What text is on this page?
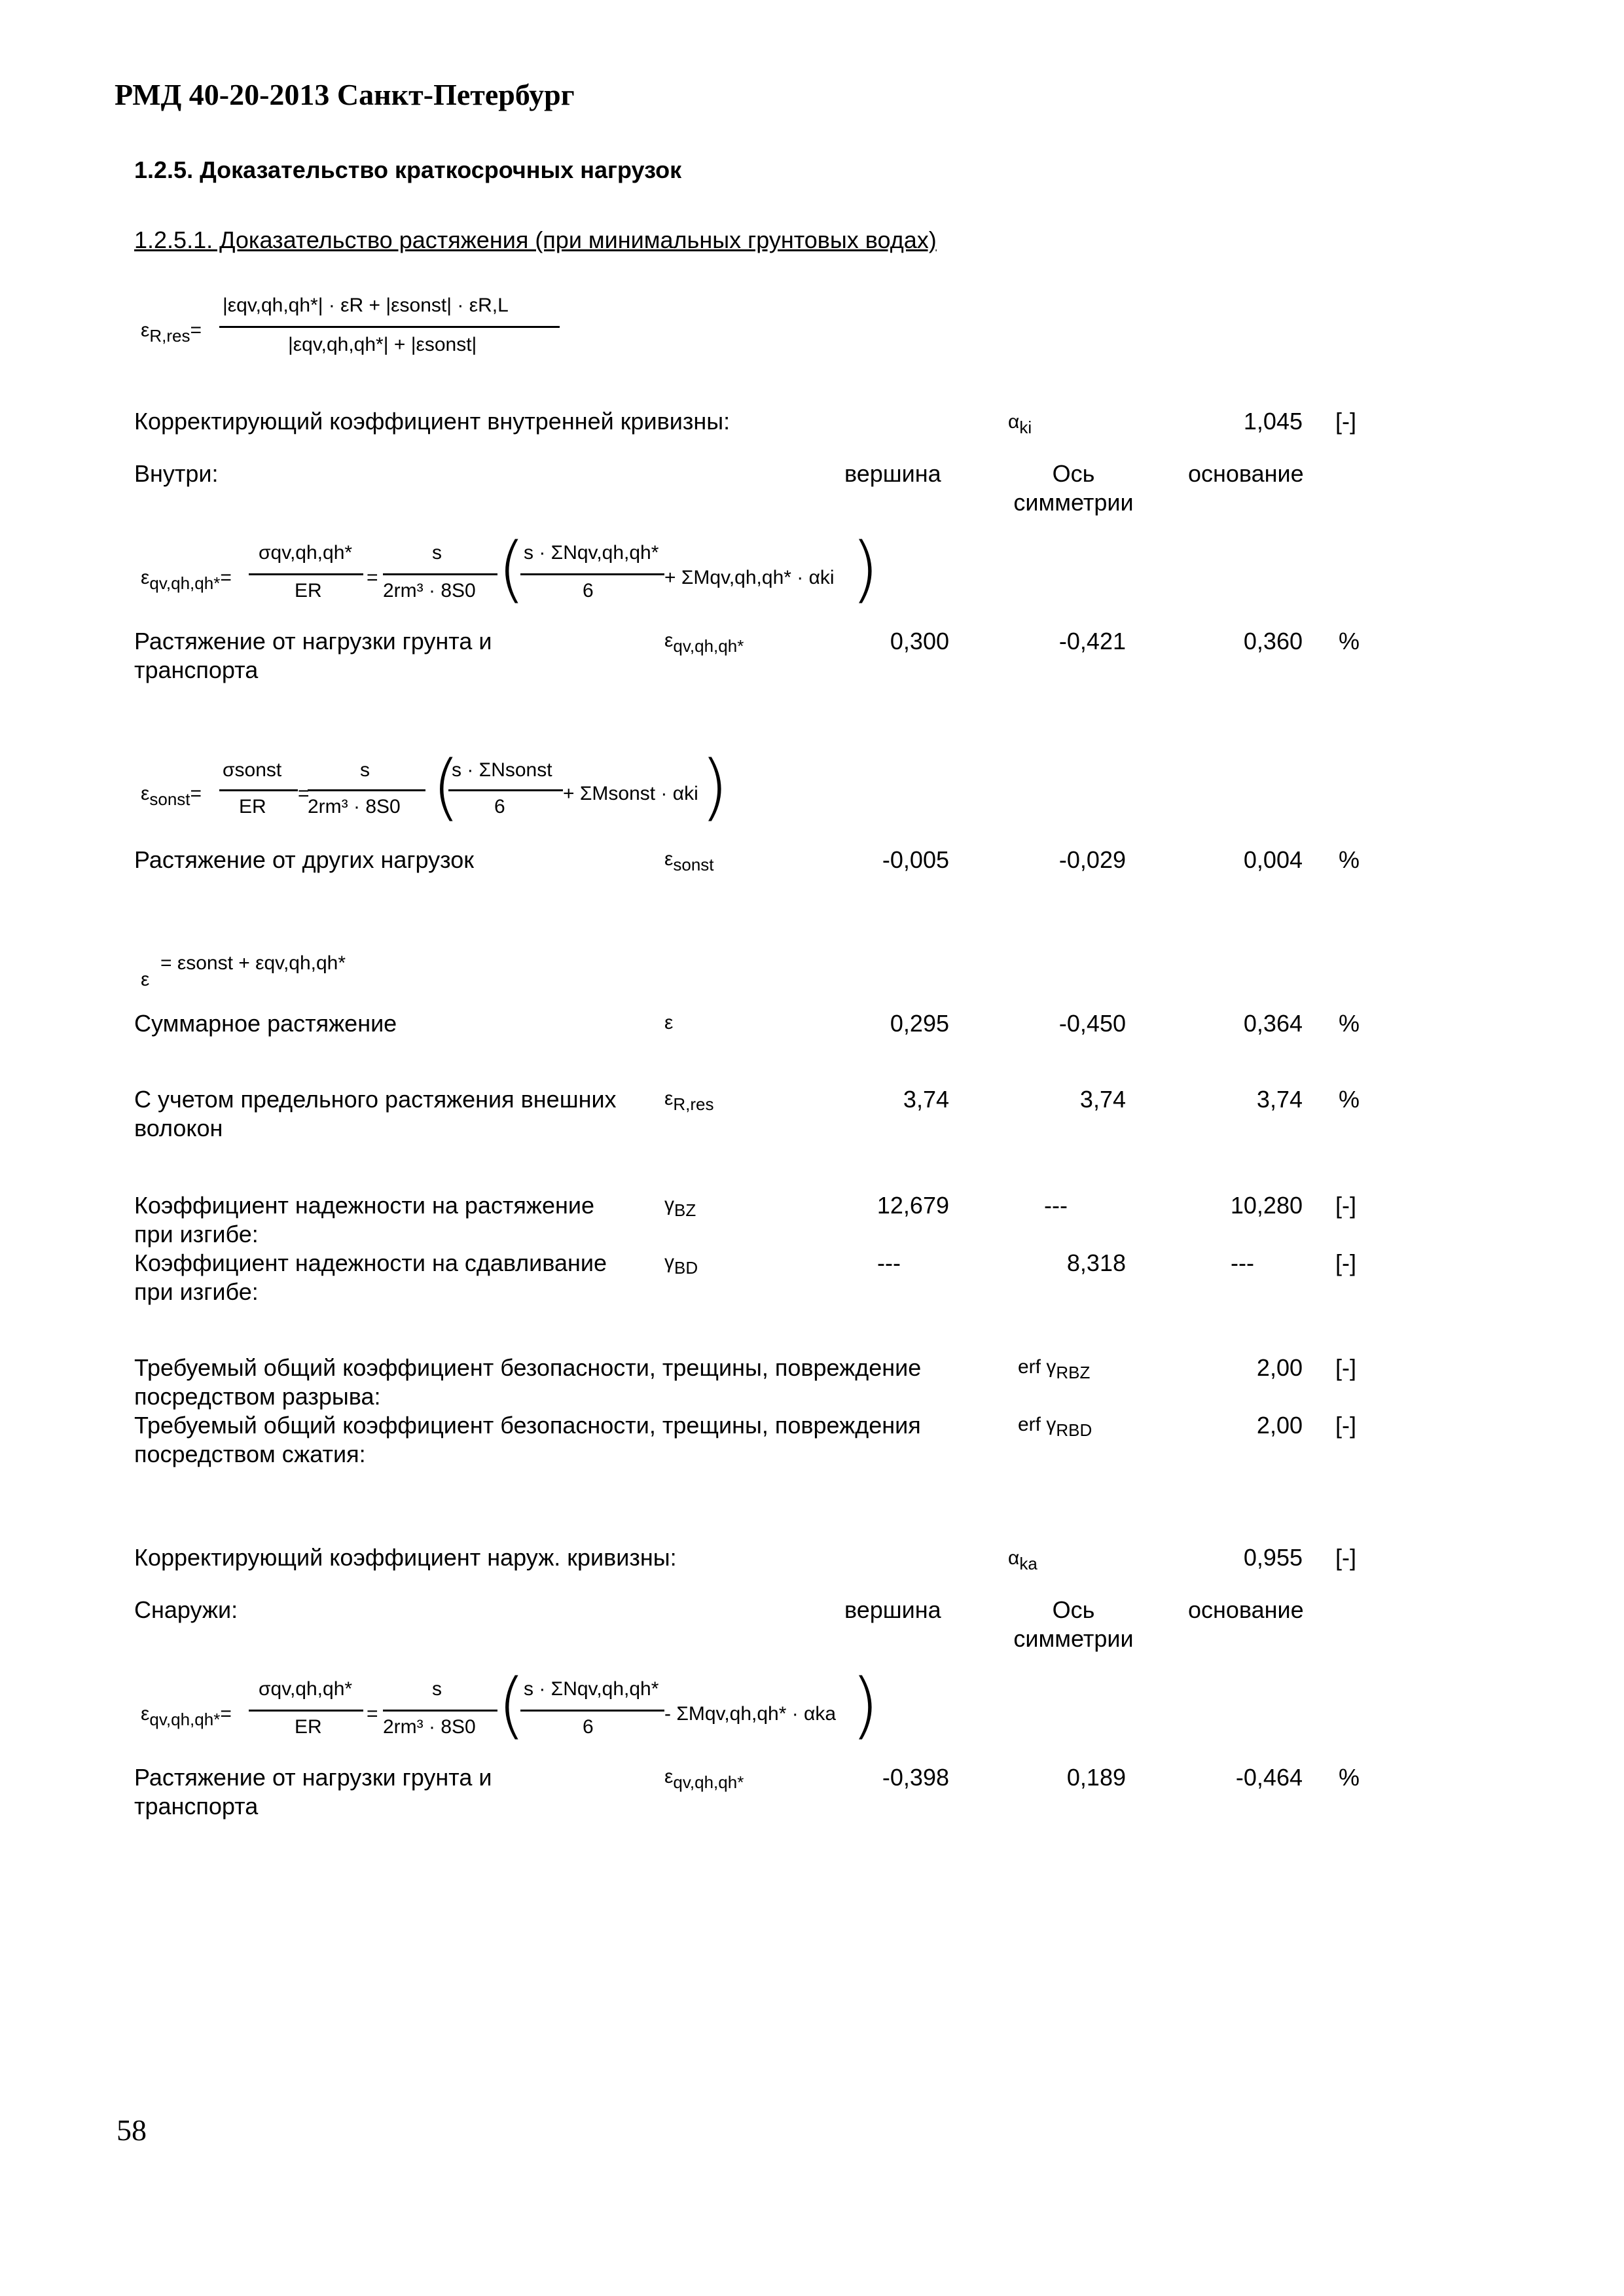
РМД 40-20-2013 Санкт-Петербург
1.2.5. Доказательство краткосрочных нагрузок
1.2.5.1. Доказательство растяжения (при минимальных грунтовых водах)
$\varepsilon_{R,res}=$
|εqv,qh,qh*| · εR + |εsonst| · εR,L
|εqv,qh,qh*| + |εsonst|
Корректирующий коэффициент внутренней кривизны:	$\alpha_{ki}$	1,045 [-]
Внутри:	вершина	Ось
симметрии
основание
$\varepsilon_{qv,qh,qh*}=$
σqv,qh,qh*
ER
=
s
2rm³ · 8S0 (
s · ΣNqv,qh,qh*
6
+ ΣMqv,qh,qh* · αki )
Растяжение от нагрузки грунта и
транспорта
$\varepsilon_{qv,qh,qh*}$	0,300	-0,421	0,360 %
$\varepsilon_{sonst}=$
σsonst
ER
=
s
2rm³ · 8S0 (
s · ΣNsonst
6
+ ΣMsonst · αki )
Растяжение от других нагрузок	$\varepsilon_{sonst}$	-0,005	-0,029	0,004 %
ε
= εsonst + εqv,qh,qh*
Суммарное растяжение	ε	0,295	-0,450	0,364 %
С учетом предельного растяжения внешних
волокон
$\varepsilon_{R,res}$	3,74	3,74	3,74 %
Коэффициент надежности на растяжение
при изгибе:
$\gamma_{BZ}$	12,679	---	10,280 [-]
Коэффициент надежности на сдавливание
при изгибе:
$\gamma_{BD}$	---	8,318	---	[-]
Требуемый общий коэффициент безопасности, трещины, повреждение
посредством разрыва:
erf $\gamma_{RBZ}$	2,00 [-]
Требуемый общий коэффициент безопасности, трещины, повреждения
посредством сжатия:
erf $\gamma_{RBD}$	2,00 [-]
Корректирующий коэффициент наруж. кривизны:	$\alpha_{ka}$	0,955 [-]
Снаружи:	вершина	Ось
симметрии
основание
$\varepsilon_{qv,qh,qh*}=$
σqv,qh,qh*
ER
=
s
2rm³ · 8S0 (
s · ΣNqv,qh,qh*
6
- ΣMqv,qh,qh* · αka )
Растяжение от нагрузки грунта и
транспорта
$\varepsilon_{qv,qh,qh*}$	-0,398	0,189	-0,464 %
58
